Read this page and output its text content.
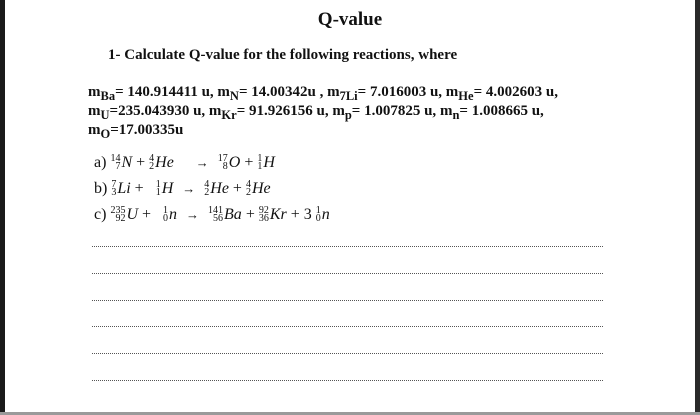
Q-value
1- Calculate Q-value for the following reactions, where
$m_{Ba}= 140.914411$ u, $m_N= 14.00342u$ , $m_{7Li}= 7.016003$ u, $m_{He}= 4.002603$ u,
$m_U=235.043930$ u, $m_{Kr}= 91.926156$ u, $m_p= 1.007825$ u, $m_n= 1.008665$ u,
$m_O=17.00335u$
a) 14
7 N + 4
2 He → 17
8 O + 1
1 H
b) 7
3 Li + 1
1 H → 4
2 He + 4
2 He
c) 235
92 U + 1
0 n → 141
56 Ba + 92
36 Kr + 3 1
0 n
